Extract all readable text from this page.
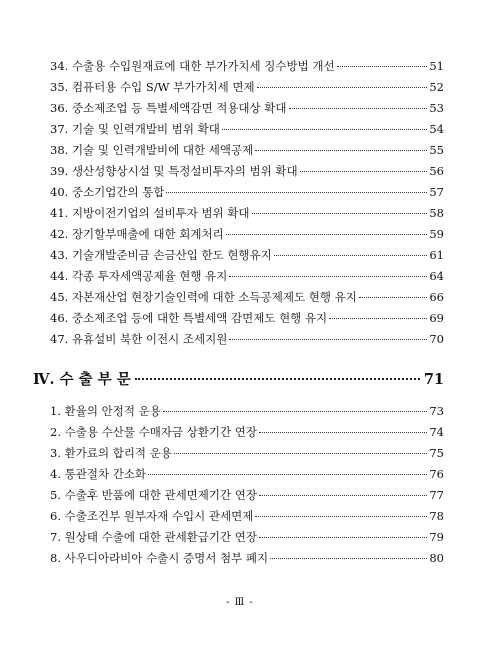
34. 수출용 수입원재료에 대한 부가가치세 징수방법 개선	51
35. 컴퓨터용 수입 S/W 부가가치세 면제	52
36. 중소제조업 등 특별세액감면 적용대상 확대	53
37. 기술 및 인력개발비 범위 확대	54
38. 기술 및 인력개발비에 대한 세액공제	55
39. 생산성향상시설 및 특정설비투자의 범위 확대	56
40. 중소기업간의 통합	57
41. 지방이전기업의 설비투자 범위 확대	58
42. 장기할부매출에 대한 회계처리	59
43. 기술개발준비금 손금산입 한도 현행유지	61
44. 각종 투자세액공제율 현행 유지	64
45. 자본재산업 현장기술인력에 대한 소득공제제도 현행 유지	66
46. 중소제조업 등에 대한 특별세액 감면제도 현행 유지	69
47. 유휴설비 북한 이전시 조세지원	70
Ⅳ. 수 출 부 문	71
1. 환율의 안정적 운용	73
2. 수출용 수산물 수매자금 상환기간 연장	74
3. 환가료의 합리적 운용	75
4. 통관절차 간소화	76
5. 수출후 반품에 대한 관세면제기간 연장	77
6. 수출조건부 원부자재 수입시 관세면제	78
7. 원상태 수출에 대한 관세환급기간 연장	79
8. 사우디아라비아 수출시 증명서 첨부 폐지	80
- Ⅲ -
